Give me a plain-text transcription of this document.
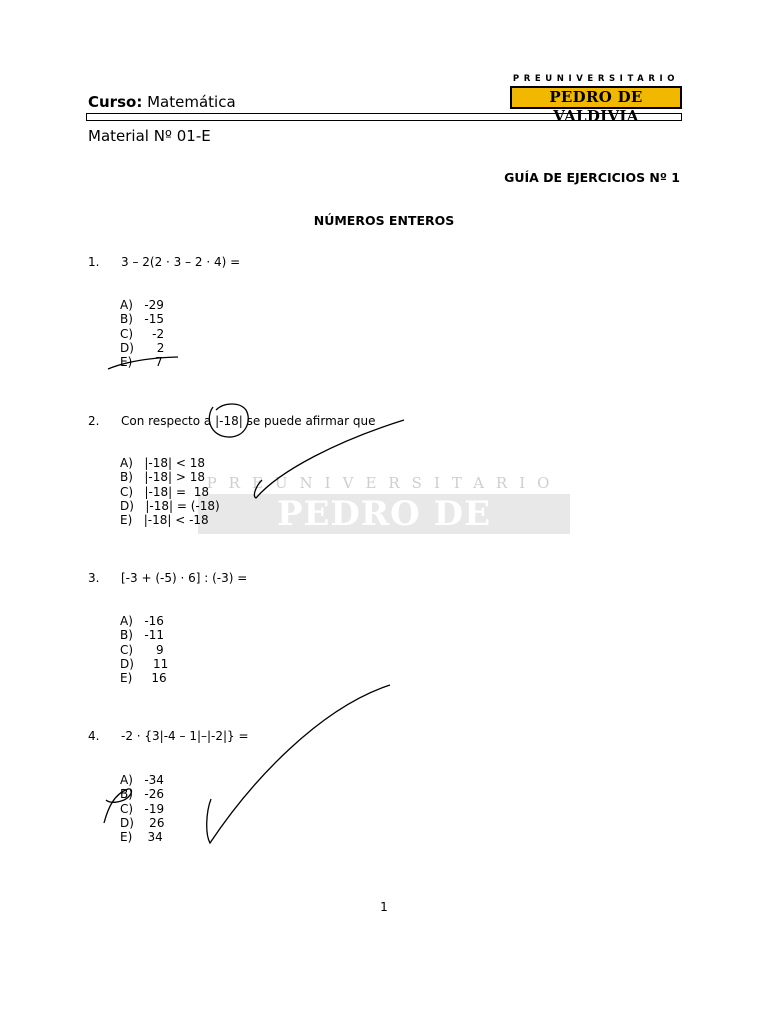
Curso: Matemática
PREUNIVERSITARIO
PEDRO DE VALDIVIA
Material Nº 01-E
GUÍA DE EJERCICIOS Nº 1
NÚMEROS ENTEROS
PREUNIVERSITARIO
PEDRO DE VALDIVIA
1.	3 – 2(2 · 3 – 2 · 4) =
A)   -29
B)   -15
C)     -2
D)      2
E)      7
2.	Con respecto a |-18| se puede afirmar que
A)   |-18| < 18
B)   |-18| > 18
C)   |-18| =  18
D)   |-18| = (-18)
E)   |-18| < -18
3.	[-3 + (-5) · 6] : (-3) =
A)   -16
B)   -11
C)      9
D)     11
E)     16
4.	-2 · {3|-4 – 1|–|-2|} =
A)   -34
B)   -26
C)   -19
D)    26
E)    34
1
